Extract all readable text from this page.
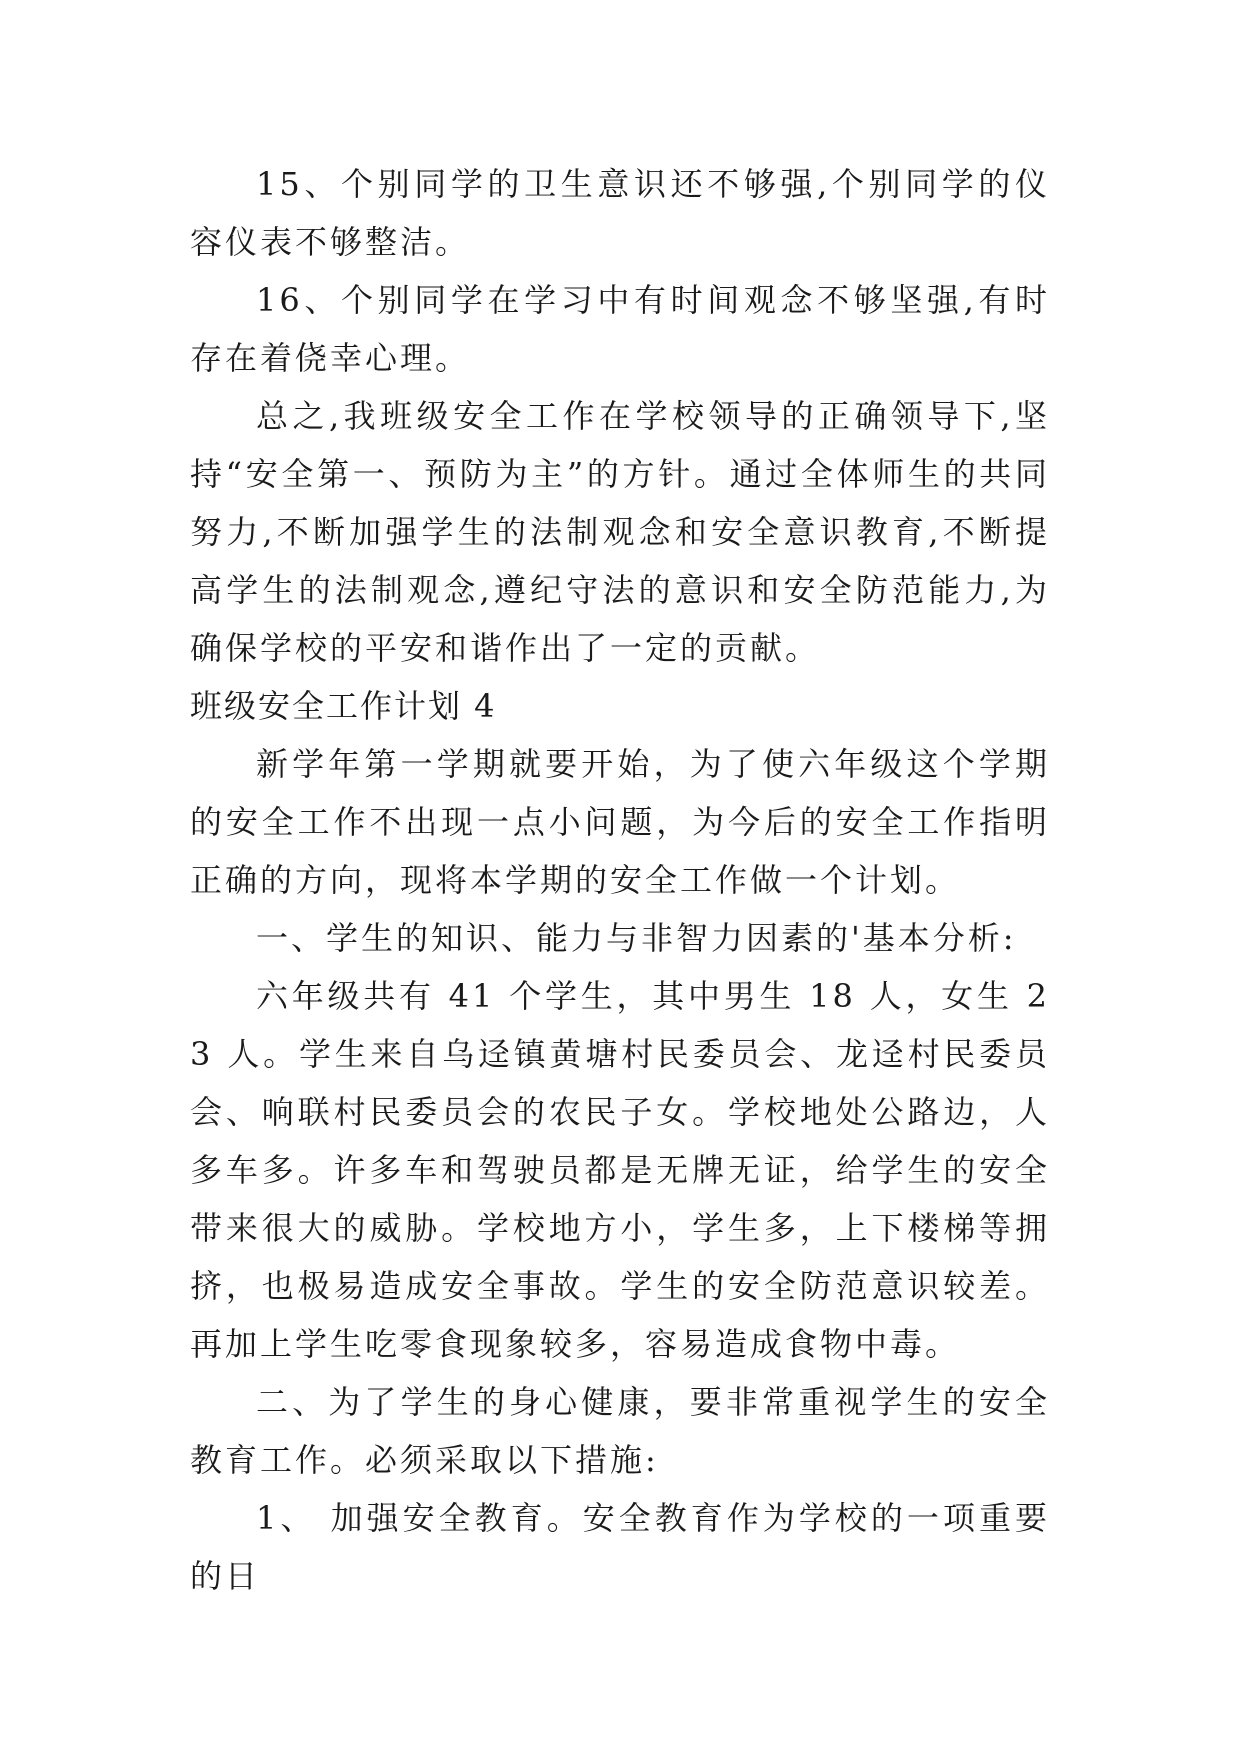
15、个别同学的卫生意识还不够强,个别同学的仪容仪表不够整洁。

16、个别同学在学习中有时间观念不够坚强,有时存在着侥幸心理。

总之,我班级安全工作在学校领导的正确领导下,坚持“安全第一、预防为主”的方针。通过全体师生的共同努力,不断加强学生的法制观念和安全意识教育,不断提高学生的法制观念,遵纪守法的意识和安全防范能力,为确保学校的平安和谐作出了一定的贡献。

班级安全工作计划 4

新学年第一学期就要开始，为了使六年级这个学期的安全工作不出现一点小问题，为今后的安全工作指明正确的方向，现将本学期的安全工作做一个计划。

一、学生的知识、能力与非智力因素的'基本分析:

六年级共有 41 个学生，其中男生 18 人，女生 23 人。学生来自乌迳镇黄塘村民委员会、龙迳村民委员会、响联村民委员会的农民子女。学校地处公路边，人多车多。许多车和驾驶员都是无牌无证，给学生的安全带来很大的威胁。学校地方小，学生多，上下楼梯等拥挤，也极易造成安全事故。学生的安全防范意识较差。再加上学生吃零食现象较多，容易造成食物中毒。

二、为了学生的身心健康，要非常重视学生的安全教育工作。必须采取以下措施:

1、 加强安全教育。安全教育作为学校的一项重要的日
